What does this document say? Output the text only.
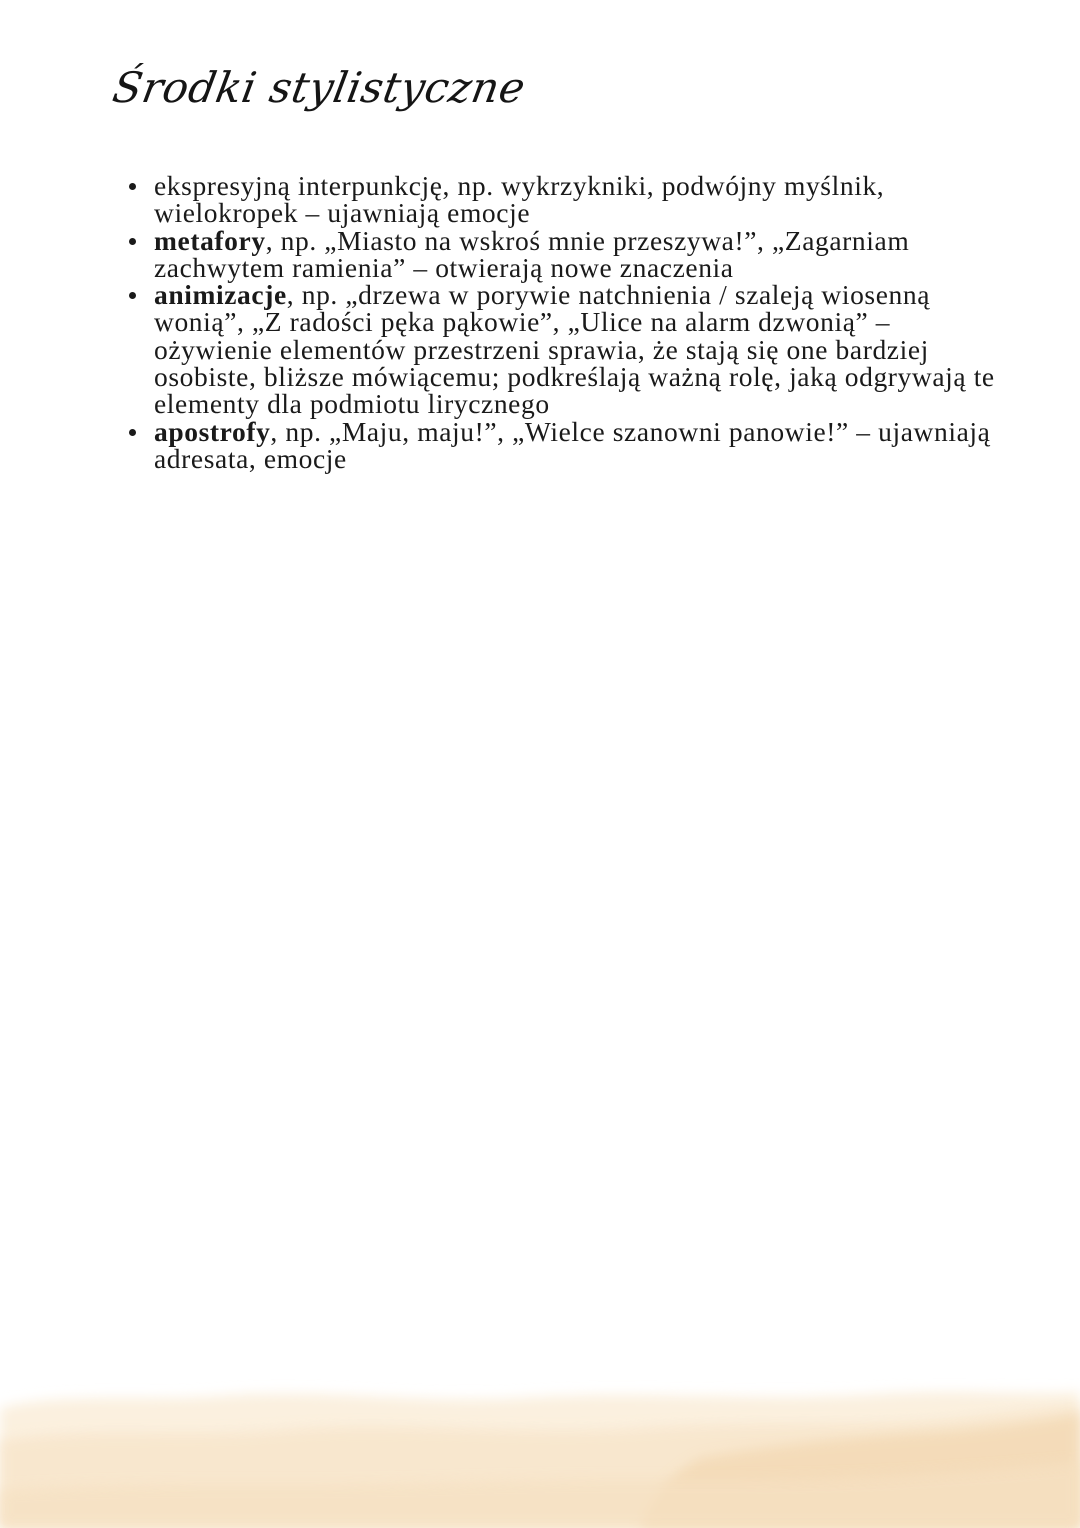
Środki stylistyczne
ekspresyjną interpunkcję, np. wykrzykniki, podwójny myślnik, wielokropek – ujawniają emocje
metafory, np. „Miasto na wskroś mnie przeszywa!”, „Zagarniam zachwytem ramienia” – otwierają nowe znaczenia
animizacje, np. „drzewa w porywie natchnienia / szaleją wiosenną wonią”, „Z radości pęka pąkowie”, „Ulice na alarm dzwonią” – ożywienie elementów przestrzeni sprawia, że stają się one bardziej osobiste, bliższe mówiącemu; podkreślają ważną rolę, jaką odgrywają te elementy dla podmiotu lirycznego
apostrofy, np. „Maju, maju!”, „Wielce szanowni panowie!” – ujawniają adresata, emocje
